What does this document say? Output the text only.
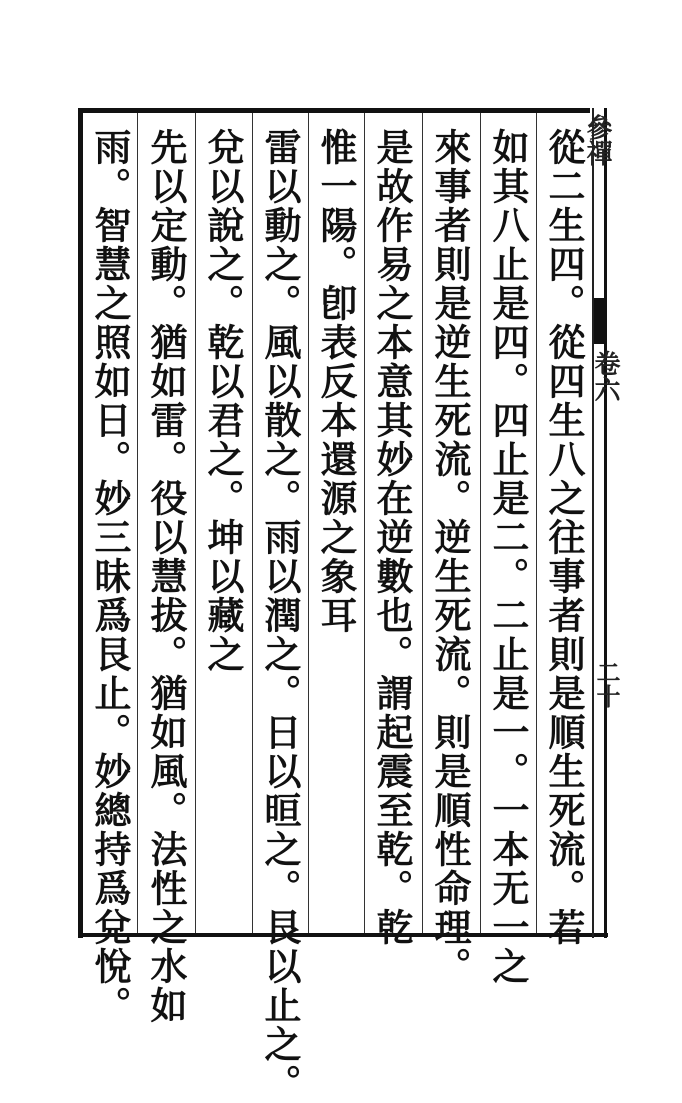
參禪
卷六
二十
從二生四。從四生八之往事者則是順生死流。若
如其八止是四。四止是二。二止是一。一本无一之
來事者則是逆生死流。逆生死流。則是順性命理。
是故作易之本意其妙在逆數也。謂起震至乾。乾
惟一陽。卽表反本還源之象耳
雷以動之。風以散之。雨以潤之。日以晅之。艮以止之。
兌以說之。乾以君之。坤以藏之
先以定動。猶如雷。役以慧拔。猶如風。法性之水如
雨。智慧之照如日。妙三昧爲艮止。妙總持爲兌悅。
